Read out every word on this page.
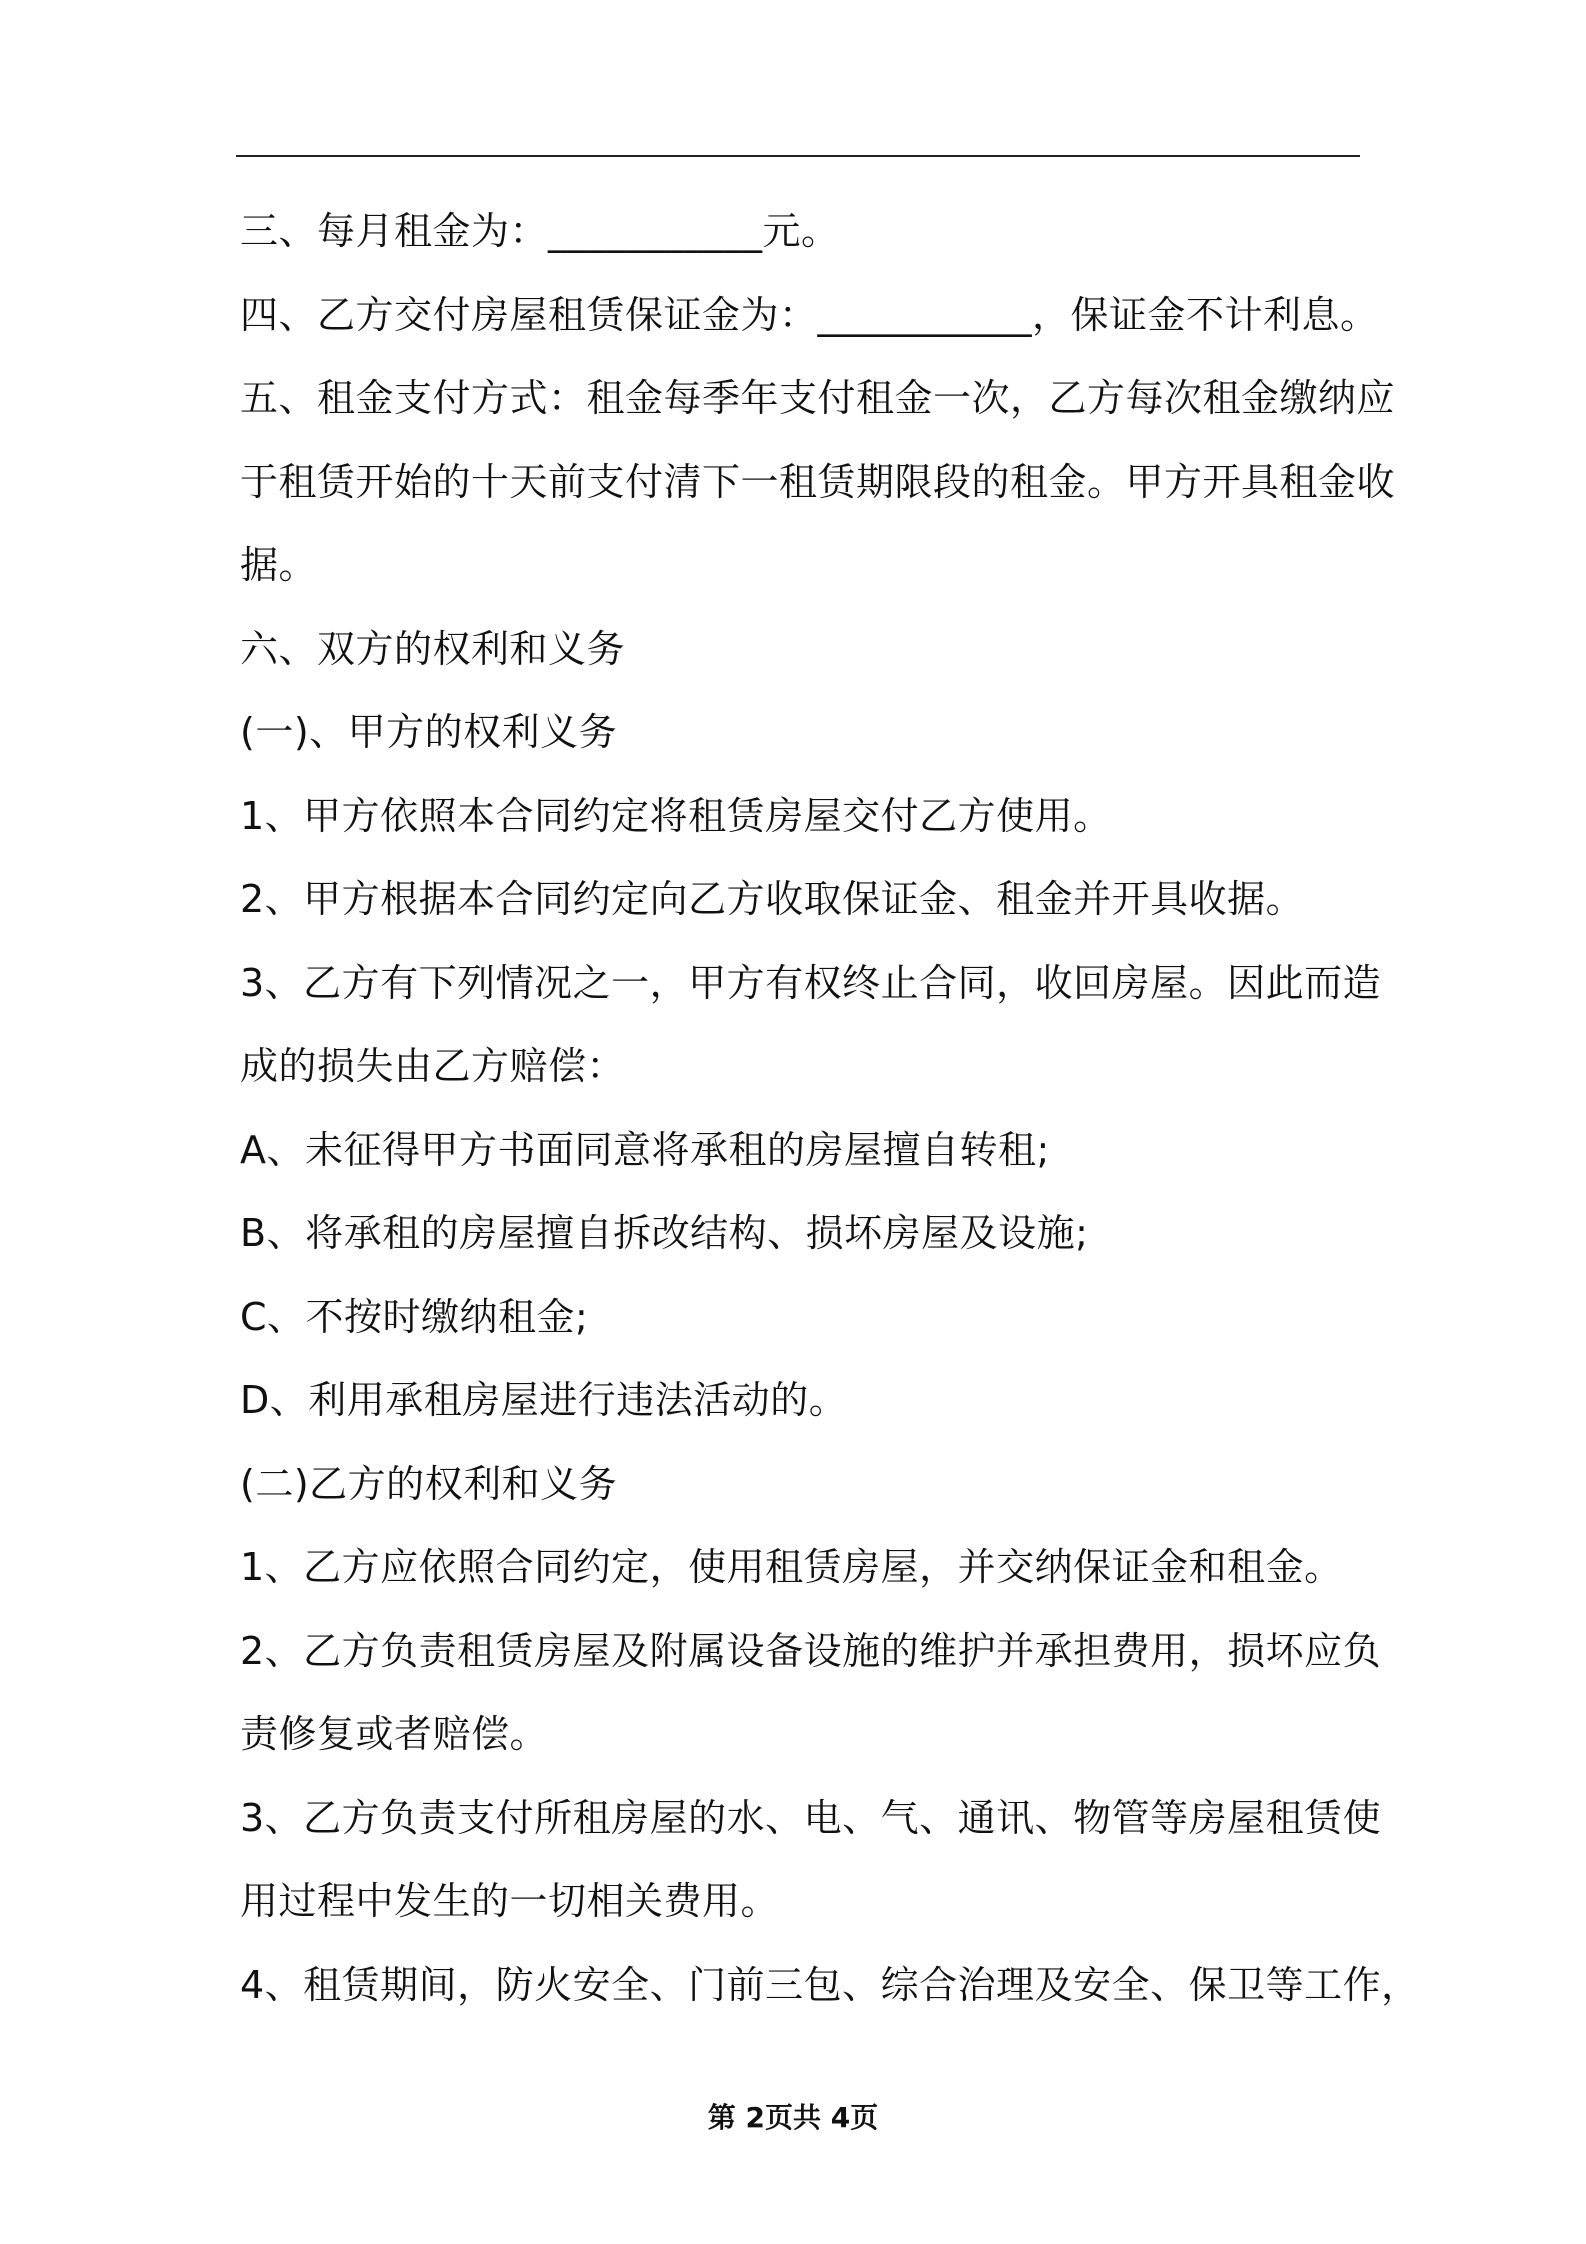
三、每月租金为：___________元。

四、乙方交付房屋租赁保证金为：___________，保证金不计利息。

五、租金支付方式：租金每季年支付租金一次，乙方每次租金缴纳应

于租赁开始的十天前支付清下一租赁期限段的租金。甲方开具租金收

据。

六、双方的权利和义务

(一)、甲方的权利义务

1、甲方依照本合同约定将租赁房屋交付乙方使用。

2、甲方根据本合同约定向乙方收取保证金、租金并开具收据。

3、乙方有下列情况之一，甲方有权终止合同，收回房屋。因此而造

成的损失由乙方赔偿：

A、未征得甲方书面同意将承租的房屋擅自转租;

B、将承租的房屋擅自拆改结构、损坏房屋及设施;

C、不按时缴纳租金;

D、利用承租房屋进行违法活动的。

(二)乙方的权利和义务

1、乙方应依照合同约定，使用租赁房屋，并交纳保证金和租金。

2、乙方负责租赁房屋及附属设备设施的维护并承担费用，损坏应负

责修复或者赔偿。

3、乙方负责支付所租房屋的水、电、气、通讯、物管等房屋租赁使

用过程中发生的一切相关费用。

4、租赁期间，防火安全、门前三包、综合治理及安全、保卫等工作，

第 2页共 4页
